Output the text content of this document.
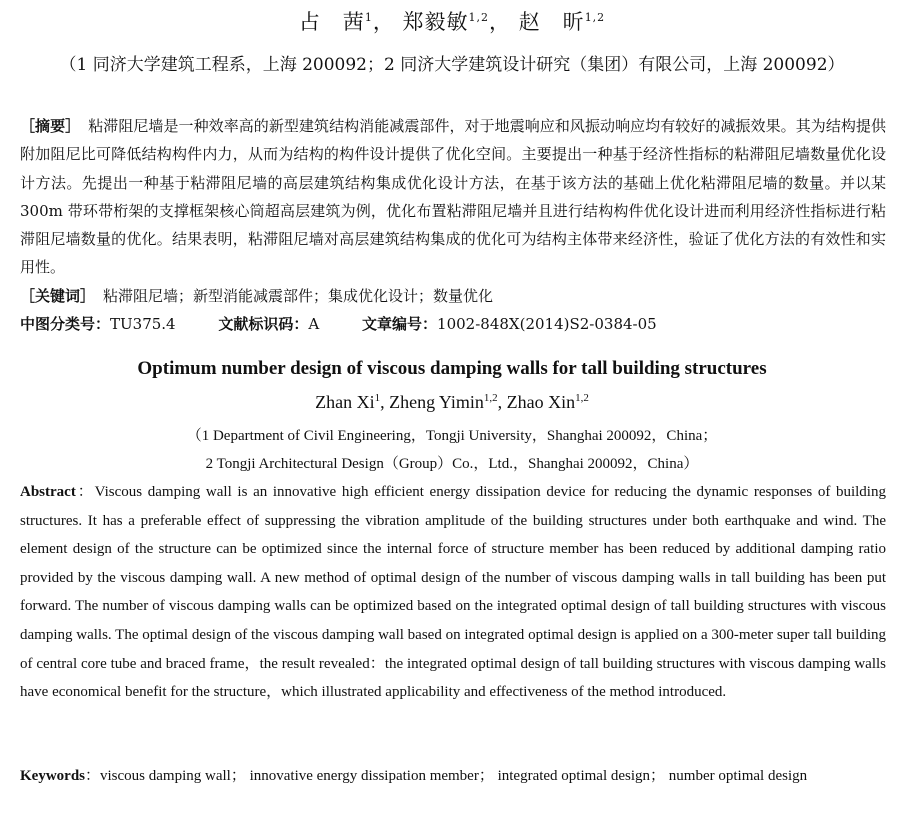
占　茜$^1$， 郑毅敏$^{1,2}$， 赵　昕$^{1,2}$
（1 同济大学建筑工程系，上海 200092；2 同济大学建筑设计研究（集团）有限公司，上海 200092）
［摘要］ 粘滞阻尼墙是一种效率高的新型建筑结构消能减震部件，对于地震响应和风振动响应均有较好的减振效果。其为结构提供附加阻尼比可降低结构构件内力，从而为结构的构件设计提供了优化空间。主要提出一种基于经济性指标的粘滞阻尼墙数量优化设计方法。先提出一种基于粘滞阻尼墙的高层建筑结构集成优化设计方法，在基于该方法的基础上优化粘滞阻尼墙的数量。并以某 300m 带环带桁架的支撑框架核心筒超高层建筑为例，优化布置粘滞阻尼墙并且进行结构构件优化设计进而利用经济性指标进行粘滞阻尼墙数量的优化。结果表明，粘滞阻尼墙对高层建筑结构集成的优化可为结构主体带来经济性，验证了优化方法的有效性和实用性。
［关键词］ 粘滞阻尼墙；新型消能减震部件；集成优化设计；数量优化
中图分类号：TU375.4	文献标识码：A	文章编号：1002-848X(2014)S2-0384-05
Optimum number design of viscous damping walls for tall building structures
Zhan Xi$^1$, Zheng Yimin$^{1,2}$, Zhao Xin$^{1,2}$
（1 Department of Civil Engineering，Tongji University，Shanghai 200092，China；
2 Tongji Architectural Design（Group）Co.，Ltd.，Shanghai 200092，China）
Abstract：Viscous damping wall is an innovative high efficient energy dissipation device for reducing the dynamic responses of building structures. It has a preferable effect of suppressing the vibration amplitude of the building structures under both earthquake and wind. The element design of the structure can be optimized since the internal force of structure member has been reduced by additional damping ratio provided by the viscous damping wall. A new method of optimal design of the number of viscous damping walls in tall building has been put forward. The number of viscous damping walls can be optimized based on the integrated optimal design of tall building structures with viscous damping walls. The optimal design of the viscous damping wall based on integrated optimal design is applied on a 300-meter super tall building of central core tube and braced frame，the result revealed：the integrated optimal design of tall building structures with viscous damping walls have economical benefit for the structure，which illustrated applicability and effectiveness of the method introduced.
Keywords：viscous damping wall； innovative energy dissipation member； integrated optimal design； number optimal design
